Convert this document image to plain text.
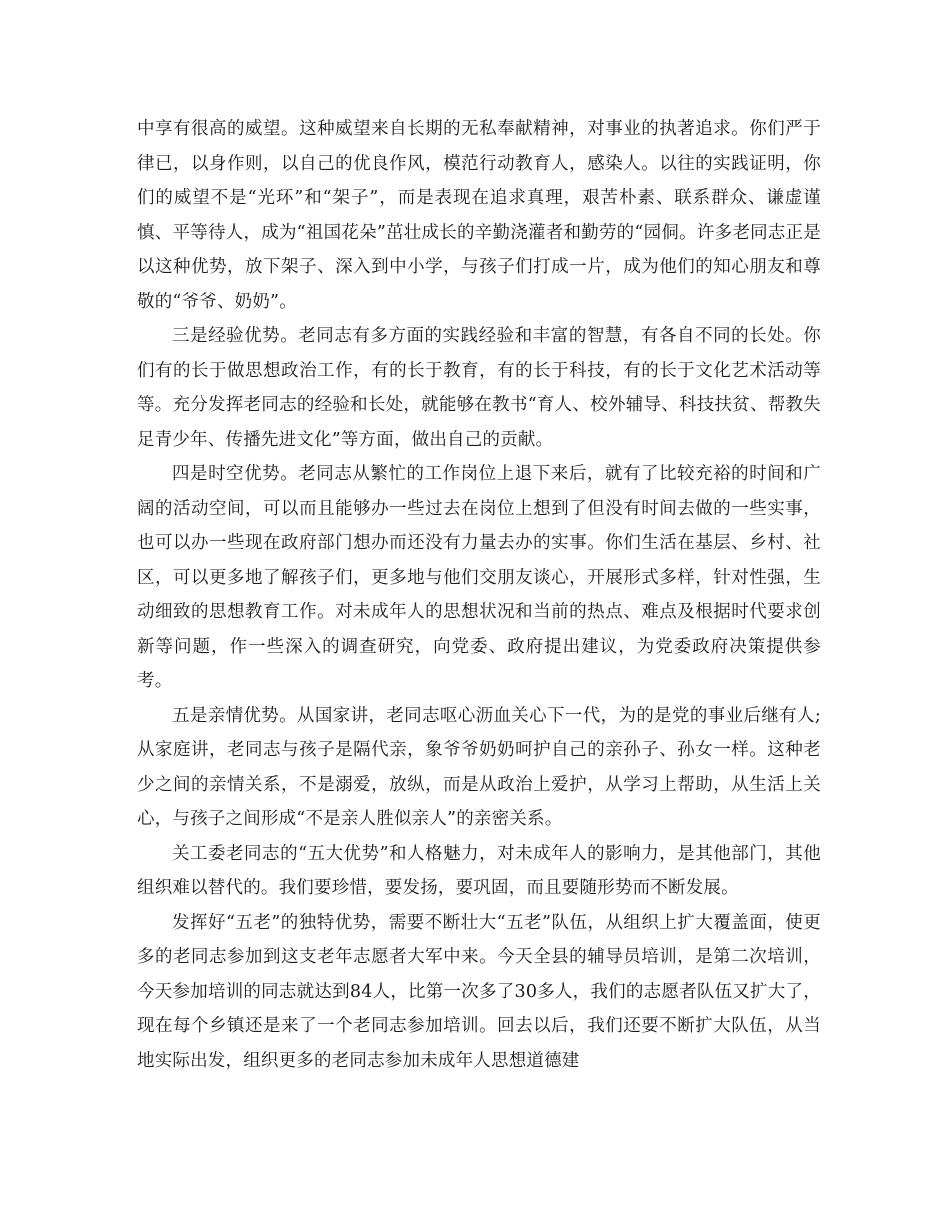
中享有很高的威望。这种威望来自长期的无私奉献精神，对事业的执著追求。你们严于律已，以身作则，以自己的优良作风，模范行动教育人，感染人。以往的实践证明，你们的威望不是“光环”和“架子”，而是表现在追求真理，艰苦朴素、联系群众、谦虚谨慎、平等待人，成为“祖国花朵”茁壮成长的辛勤浇灌者和勤劳的“园侗。许多老同志正是以这种优势，放下架子、深入到中小学，与孩子们打成一片，成为他们的知心朋友和尊敬的“爷爷、奶奶”。

三是经验优势。老同志有多方面的实践经验和丰富的智慧，有各自不同的长处。你们有的长于做思想政治工作，有的长于教育，有的长于科技，有的长于文化艺术活动等等。充分发挥老同志的经验和长处，就能够在教书“育人、校外辅导、科技扶贫、帮教失足青少年、传播先进文化”等方面，做出自己的贡献。

四是时空优势。老同志从繁忙的工作岗位上退下来后，就有了比较充裕的时间和广阔的活动空间，可以而且能够办一些过去在岗位上想到了但没有时间去做的一些实事，也可以办一些现在政府部门想办而还没有力量去办的实事。你们生活在基层、乡村、社区，可以更多地了解孩子们，更多地与他们交朋友谈心，开展形式多样，针对性强，生动细致的思想教育工作。对未成年人的思想状况和当前的热点、难点及根据时代要求创新等问题，作一些深入的调查研究，向党委、政府提出建议，为党委政府决策提供参考。

五是亲情优势。从国家讲，老同志呕心沥血关心下一代，为的是党的事业后继有人;从家庭讲，老同志与孩子是隔代亲，象爷爷奶奶呵护自己的亲孙子、孙女一样。这种老少之间的亲情关系，不是溺爱，放纵，而是从政治上爱护，从学习上帮助，从生活上关心，与孩子之间形成“不是亲人胜似亲人”的亲密关系。

关工委老同志的“五大优势”和人格魅力，对未成年人的影响力，是其他部门，其他组织难以替代的。我们要珍惜，要发扬，要巩固，而且要随形势而不断发展。

发挥好“五老”的独特优势，需要不断壮大“五老”队伍，从组织上扩大覆盖面，使更多的老同志参加到这支老年志愿者大军中来。今天全县的辅导员培训，是第二次培训，今天参加培训的同志就达到84人，比第一次多了30多人，我们的志愿者队伍又扩大了，现在每个乡镇还是来了一个老同志参加培训。回去以后，我们还要不断扩大队伍，从当地实际出发，组织更多的老同志参加未成年人思想道德建
